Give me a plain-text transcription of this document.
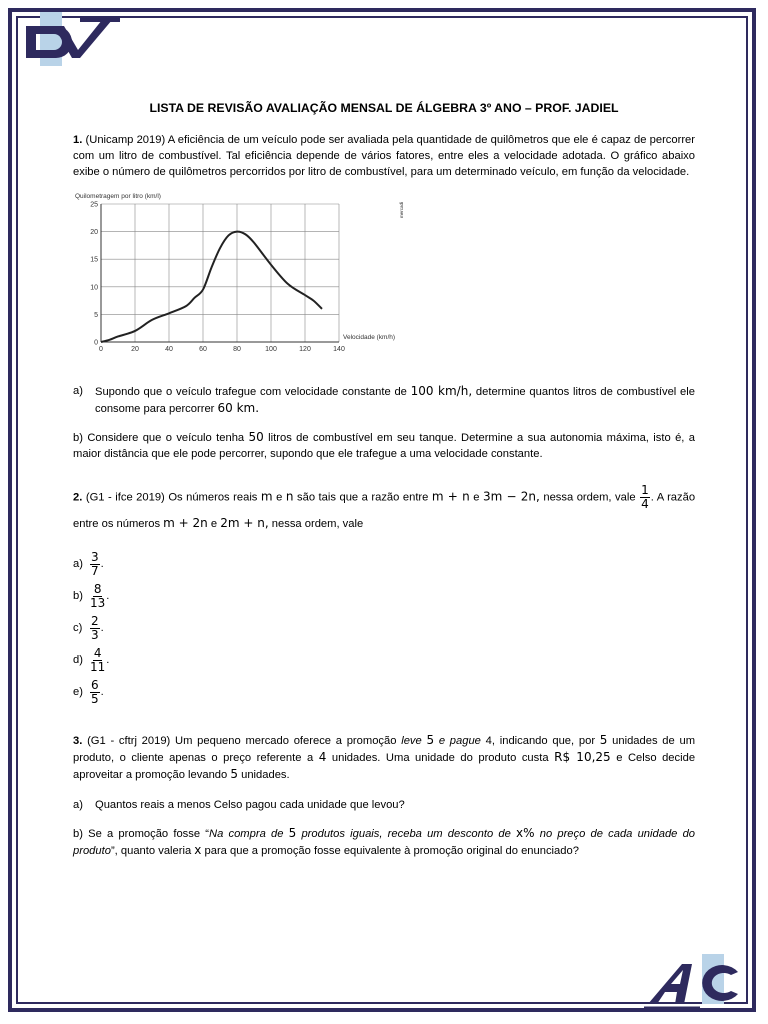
LISTA DE REVISÃO AVALIAÇÃO MENSAL DE ÁLGEBRA 3º ANO – PROF. JADIEL

1. (Unicamp 2019) A eficiência de um veículo pode ser avaliada pela quantidade de quilômetros que ele é capaz de percorrer com um litro de combustível. Tal eficiência depende de vários fatores, entre eles a velocidade adotada. O gráfico abaixo exibe o número de quilômetros percorridos por litro de combustível, para um determinado veículo, em função da velocidade.

0	20	40	60	80	100	120	140
0
5
10
15
20
25
Quilometragem por litro (km/l)
Velocidade (km/h)
mercadi
a)	Supondo que o veículo trafegue com velocidade constante de 100 km/h, determine quantos litros de combustível ele consome para percorrer 60 km.

b) Considere que o veículo tenha 50 litros de combustível em seu tanque. Determine a sua autonomia máxima, isto é, a maior distância que ele pode percorrer, supondo que ele trafegue a uma velocidade constante.

2. (G1 - ifce 2019) Os números reais m e n são tais que a razão entre m + n e 3m − 2n, nessa ordem, vale $\frac{1}{4}$ . A razão entre os números m + 2n e 2m + n, nessa ordem, vale

$a) \frac{3}{7}$ .
$b) \frac{8}{13}$ .
$c) \frac{2}{3}$ .
$d) \frac{4}{11}$ .
$e) \frac{6}{5}$ .

3. (G1 - cftrj 2019) Um pequeno mercado oferece a promoção leve 5 e pague 4, indicando que, por 5 unidades de um produto, o cliente apenas o preço referente a 4 unidades. Uma unidade do produto custa R$ 10,25 e Celso decide aproveitar a promoção levando 5 unidades.

a)	Quantos reais a menos Celso pagou cada unidade que levou?

b) Se a promoção fosse “Na compra de 5 produtos iguais, receba um desconto de x% no preço de cada unidade do produto”, quanto valeria x para que a promoção fosse equivalente à promoção original do enunciado?
